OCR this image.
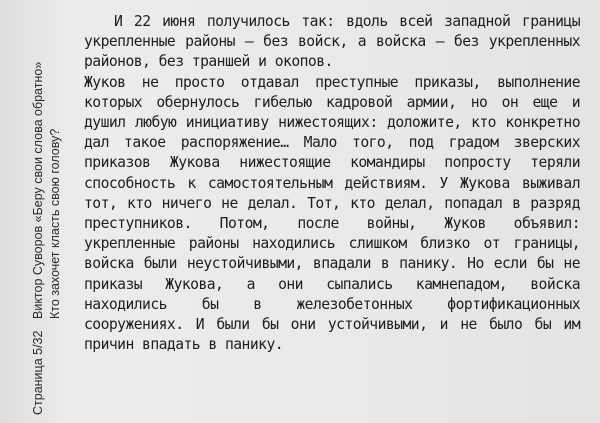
Страница 5/32
Виктор Суворов «Беру свои слова обратно» Кто захочет класть свою голову?

И 22 июня получилось так: вдоль всей западной границы укрепленные районы – без войск, а войска – без укрепленных районов, без траншей и окопов.

Жуков не просто отдавал преступные приказы, выполнение которых обернулось гибелью кадровой армии, но он еще и душил любую инициативу нижестоящих: доложите, кто конкретно дал такое распоряжение… Мало того, под градом зверских приказов Жукова нижестоящие командиры попросту теряли способность к самостоятельным действиям. У Жукова выживал тот, кто ничего не делал. Тот, кто делал, попадал в разряд преступников. Потом, после войны, Жуков объявил: укрепленные районы находились слишком близко от границы, войска были неустойчивыми, впадали в панику. Но если бы не приказы Жукова, а они сыпались камнепадом, войска находились бы в железобетонных фортификационных сооружениях. И были бы они устойчивыми, и не было бы им причин впадать в панику.
